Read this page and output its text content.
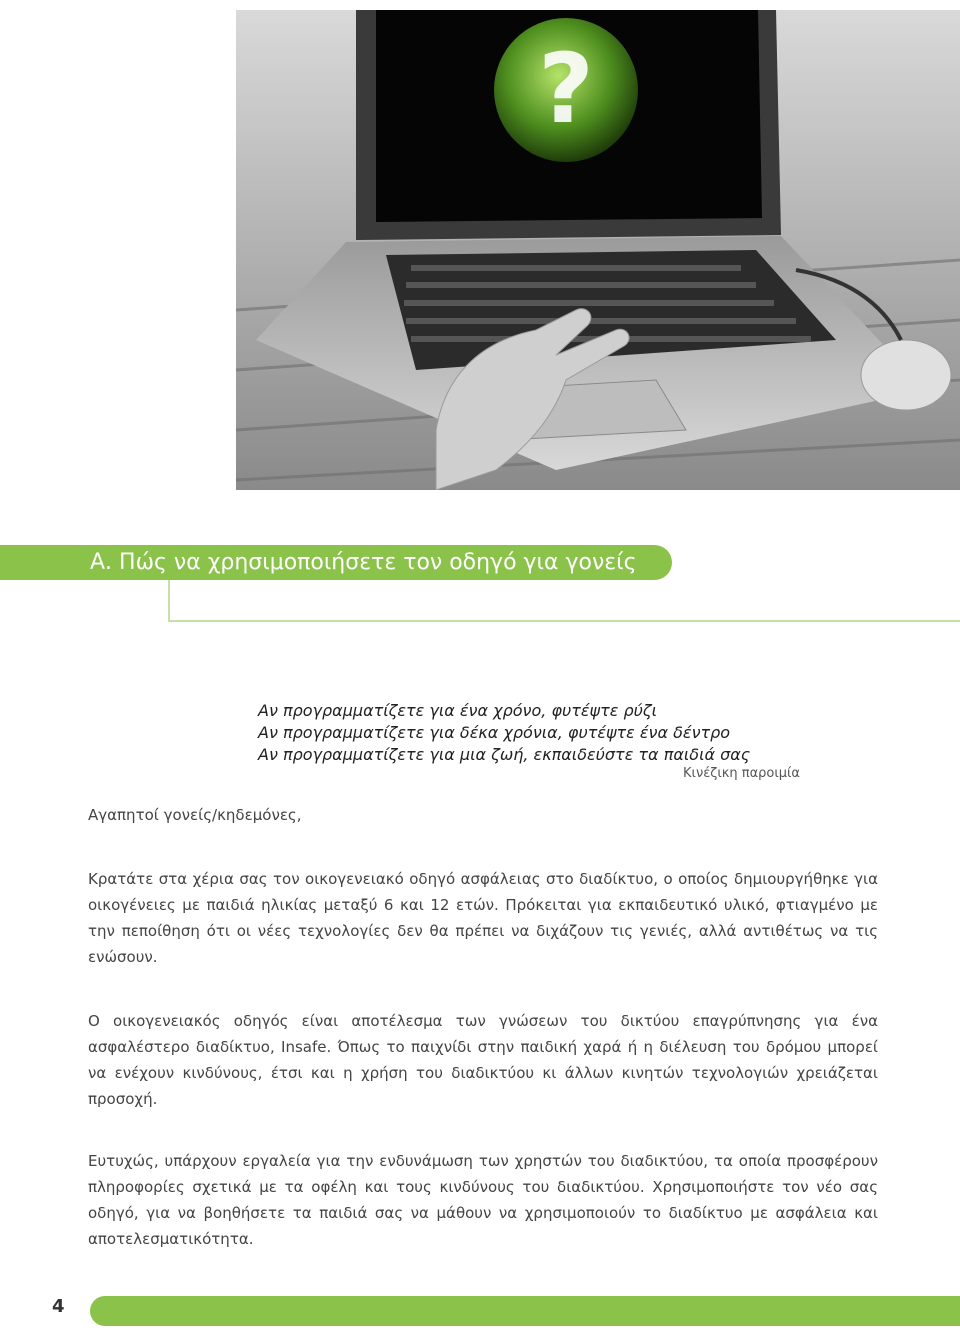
?
Α. Πώς να χρησιμοποιήσετε τον οδηγό για γονείς
Αν προγραμματίζετε για ένα χρόνο, φυτέψτε ρύζι
Αν προγραμματίζετε για δέκα χρόνια, φυτέψτε ένα δέντρο
Αν προγραμματίζετε για μια ζωή, εκπαιδεύστε τα παιδιά σας
Κινέζικη παροιμία
Αγαπητοί γονείς/κηδεμόνες,

Κρατάτε στα χέρια σας τον οικογενειακό οδηγό ασφάλειας στο διαδίκτυο, ο οποίος δημιουργήθηκε για οικογένειες με παιδιά ηλικίας μεταξύ 6 και 12 ετών. Πρόκειται για εκπαιδευτικό υλικό, φτιαγμένο με την πεποίθηση ότι οι νέες τεχνολογίες δεν θα πρέπει να διχάζουν τις γενιές, αλλά αντιθέτως να τις ενώσουν.

Ο οικογενειακός οδηγός είναι αποτέλεσμα των γνώσεων του δικτύου επαγρύπνησης για ένα ασφαλέστερο διαδίκτυο, Insafe. Όπως το παιχνίδι στην παιδική χαρά ή η διέλευση του δρόμου μπορεί να ενέχουν κινδύνους, έτσι και η χρήση του διαδικτύου κι άλλων κινητών τεχνολογιών χρειάζεται προσοχή.

Ευτυχώς, υπάρχουν εργαλεία για την ενδυνάμωση των χρηστών του διαδικτύου, τα οποία προσφέρουν πληροφορίες σχετικά με τα οφέλη και τους κινδύνους του διαδικτύου. Χρησιμοποιήστε τον νέο σας οδηγό, για να βοηθήσετε τα παιδιά σας να μάθουν να χρησιμοποιούν το διαδίκτυο με ασφάλεια και αποτελεσματικότητα.

4
